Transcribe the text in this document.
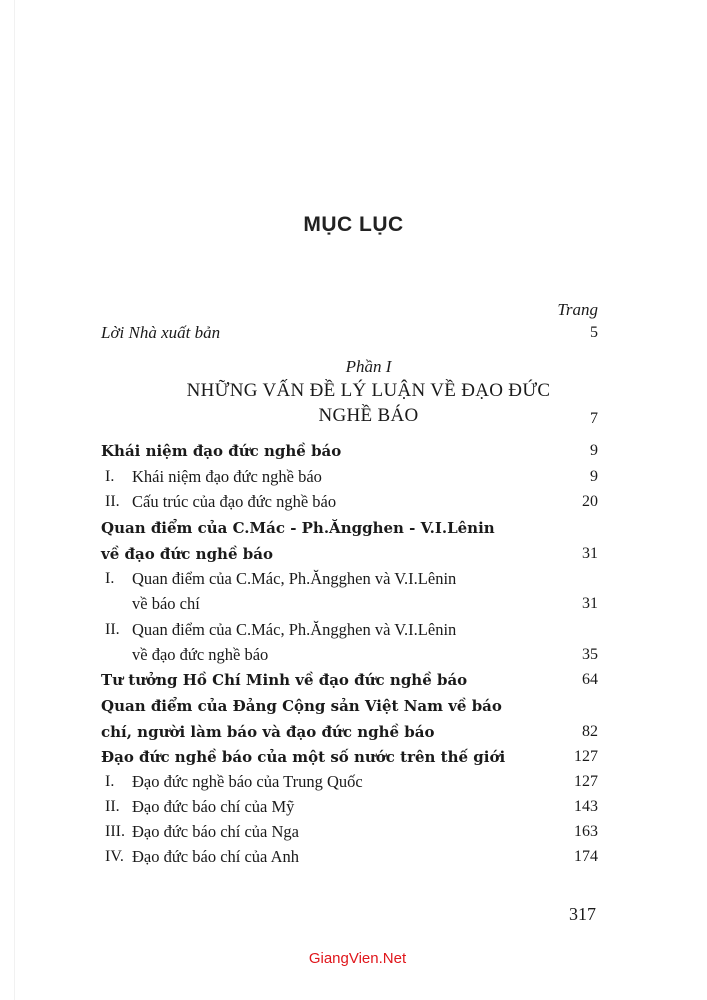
MỤC LỤC
Trang
Lời Nhà xuất bản	5
Phần I
NHỮNG VẤN ĐỀ LÝ LUẬN VỀ ĐẠO ĐỨC
NGHỀ BÁO	7
Khái niệm đạo đức nghề báo	9
I. Khái niệm đạo đức nghề báo	9
II. Cấu trúc của đạo đức nghề báo	20
Quan điểm của C.Mác - Ph.Ăngghen - V.I.Lênin
về đạo đức nghề báo	31
I. Quan điểm của C.Mác, Ph.Ăngghen và V.I.Lênin
về báo chí	31
II. Quan điểm của C.Mác, Ph.Ăngghen và V.I.Lênin
về đạo đức nghề báo	35
Tư tưởng Hồ Chí Minh về đạo đức nghề báo	64
Quan điểm của Đảng Cộng sản Việt Nam về báo
chí, người làm báo và đạo đức nghề báo	82
Đạo đức nghề báo của một số nước trên thế giới	127
I. Đạo đức nghề báo của Trung Quốc	127
II. Đạo đức báo chí của Mỹ	143
III. Đạo đức báo chí của Nga	163
IV. Đạo đức báo chí của Anh	174
317
GiangVien.Net
